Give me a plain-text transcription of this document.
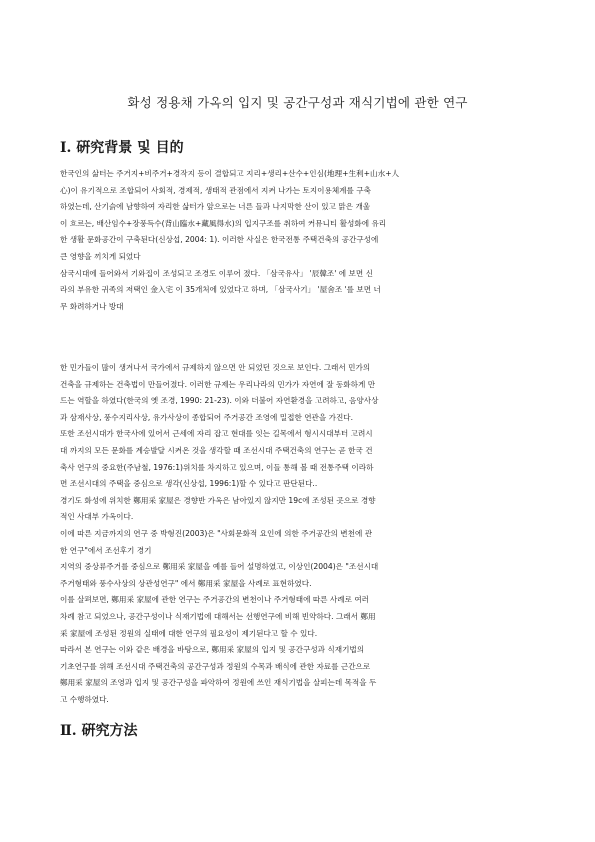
화성 정용채 가옥의 입지 및 공간구성과 재식기법에 관한 연구
Ⅰ. 硏究背景 및 目的
한국인의 삶터는 주거지+비주거+경작지 등이 결합되고 지리+생리+산수+인심(地理+生利+山水+人
心)이 유기적으로 조합되어 사회적, 경제적, 생태적 관점에서 지켜 나가는 토지이용체계를 구축
하였는데, 산기슭에 남향하여 자리한 삶터가 앞으로는 너른 들과 나지막한 산이 있고 맑은 개울
이 흐르는, 배산임수+장풍득수(背山臨水+藏風得水)의 입지구조를 취하여 커뮤니티 활성화에 유리
한 생활 문화공간이 구축된다(신상섭, 2004: 1). 이러한 사실은 한국전통 주택건축의 공간구성에
큰 영향을 끼치게 되었다
삼국시대에 들어와서 기와집이 조성되고 조경도 이루어 졌다. 「삼국유사」 '辰韓조' 에 보면 신
라의 부유한 귀족의 저택인 金入宅 이 35개처에 있었다고 하며, 「삼국사기」 '屋舍조 '를 보면 너
무 화려하거나 방대
한 민가들이 많이 생겨나서 국가에서 규제하지 않으면 안 되었던 것으로 보인다. 그래서 민가의
건축을 규제하는 건축법이 만들어졌다. 이러한 규제는 우리나라의 민가가 자연에 잘 동화하게 만
드는 역할을 하였다(한국의 옛 조경, 1990: 21-23). 이와 더불어 자연환경을 고려하고, 음양사상
과 삼재사상, 풍수지리사상, 유가사상이 종합되어 주거공간 조영에 밀접한 연관을 가진다.
또한 조선시대가 한국사에 있어서 근세에 자리 잡고 현대를 잇는 길목에서 형시시대부터 고려시
대 까지의 모든 문화를 계승발달 시켜온 것을 생각할 때 조선시대 주택건축의 연구는 곧 한국 건
축사 연구의 중요한(주남철, 1976:1)위치를 차지하고 있으며, 이들 통해 볼 때 전통주택 이라하
면 조선시대의 주택을 중심으로 생각(신상섭, 1996:1)할 수 있다고 판단된다..
경기도 화성에 위치한 鄭用采 家屋은 경향반 가옥은 남아있지 않지만 19c에 조성된 곳으로 경향
적인 사대부 가옥이다.
이에 따른 지금까지의 연구 중 박형진(2003)은 "사회문화적 요인에 의한 주거공간의 변천에 관
한 연구"에서 조선후기 경기
지역의 중상류주거를 중심으로 鄭用采 家屋을 예를 들어 설명하였고, 이상인(2004)은 "조선시대
주거형태와 풍수사상의 상관성연구" 에서 鄭用采 家屋을 사례로 표현하였다.
이를 살펴보면, 鄭用采 家屋에 관한 연구는 주거공간의 변천이나 주거형태에 따른 사례로 여러
차례 참고 되었으나, 공간구성이나 식재기법에 대해서는 선행연구에 비해 빈약하다. 그래서 鄭用
采 家屋에 조성된 정원의 실태에 대한 연구의 필요성이 제기된다고 할 수 있다.
따라서 본 연구는 이와 같은 배경을 바탕으로, 鄭用采 家屋의 입지 및 공간구성과 식재기법의
기초연구를 위해 조선시대 주택건축의 공간구성과 정원의 수목과 배식에 관한 자료를 근간으로
鄭用采 家屋의 조영과 입지 및 공간구성을 파악하여 정원에 쓰인 재식기법을 살피는데 목적을 두
고 수행하였다.
Ⅱ. 硏究方法
